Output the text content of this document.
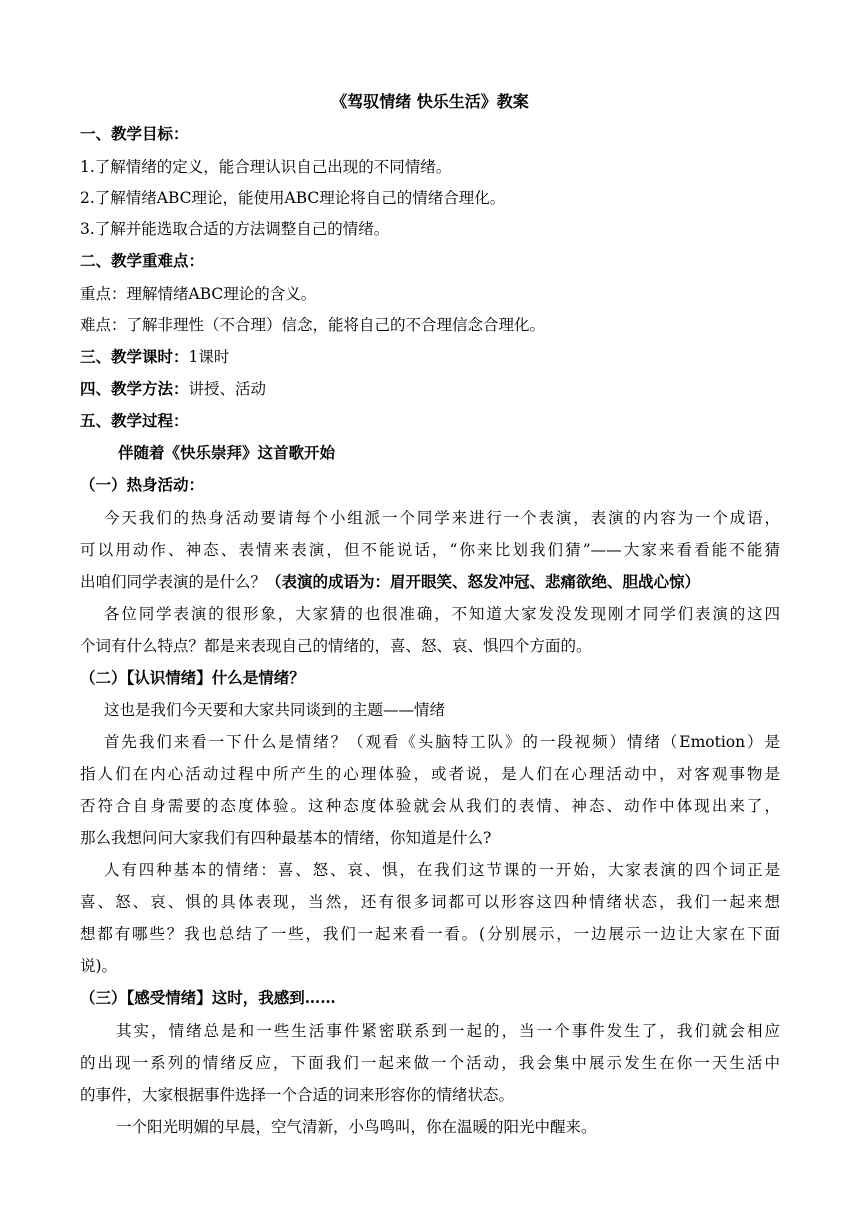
《驾驭情绪 快乐生活》教案
一、教学目标：
1.了解情绪的定义，能合理认识自己出现的不同情绪。
2.了解情绪ABC理论，能使用ABC理论将自己的情绪合理化。
3.了解并能选取合适的方法调整自己的情绪。
二、教学重难点：
重点：理解情绪ABC理论的含义。
难点：了解非理性（不合理）信念，能将自己的不合理信念合理化。
三、教学课时：1课时
四、教学方法：讲授、活动
五、教学过程：
伴随着《快乐崇拜》这首歌开始
（一）热身活动：
今天我们的热身活动要请每个小组派一个同学来进行一个表演，表演的内容为一个成语，
可以用动作、神态、表情来表演，但不能说话，“你来比划我们猜”——大家来看看能不能猜
出咱们同学表演的是什么？（表演的成语为：眉开眼笑、怒发冲冠、悲痛欲绝、胆战心惊）
各位同学表演的很形象，大家猜的也很准确，不知道大家发没发现刚才同学们表演的这四
个词有什么特点？都是来表现自己的情绪的，喜、怒、哀、惧四个方面的。
（二）【认识情绪】什么是情绪？
这也是我们今天要和大家共同谈到的主题——情绪
首先我们来看一下什么是情绪？（观看《头脑特工队》的一段视频）情绪（Emotion）是
指人们在内心活动过程中所产生的心理体验，或者说，是人们在心理活动中，对客观事物是
否符合自身需要的态度体验。这种态度体验就会从我们的表情、神态、动作中体现出来了，
那么我想问问大家我们有四种最基本的情绪，你知道是什么?
人有四种基本的情绪：喜、怒、哀、惧，在我们这节课的一开始，大家表演的四个词正是
喜、怒、哀、惧的具体表现，当然，还有很多词都可以形容这四种情绪状态，我们一起来想
想都有哪些？我也总结了一些，我们一起来看一看。(分别展示，一边展示一边让大家在下面
说)。
（三）【感受情绪】这时，我感到……
其实，情绪总是和一些生活事件紧密联系到一起的，当一个事件发生了，我们就会相应
的出现一系列的情绪反应，下面我们一起来做一个活动，我会集中展示发生在你一天生活中
的事件，大家根据事件选择一个合适的词来形容你的情绪状态。
一个阳光明媚的早晨，空气清新，小鸟鸣叫，你在温暖的阳光中醒来。
